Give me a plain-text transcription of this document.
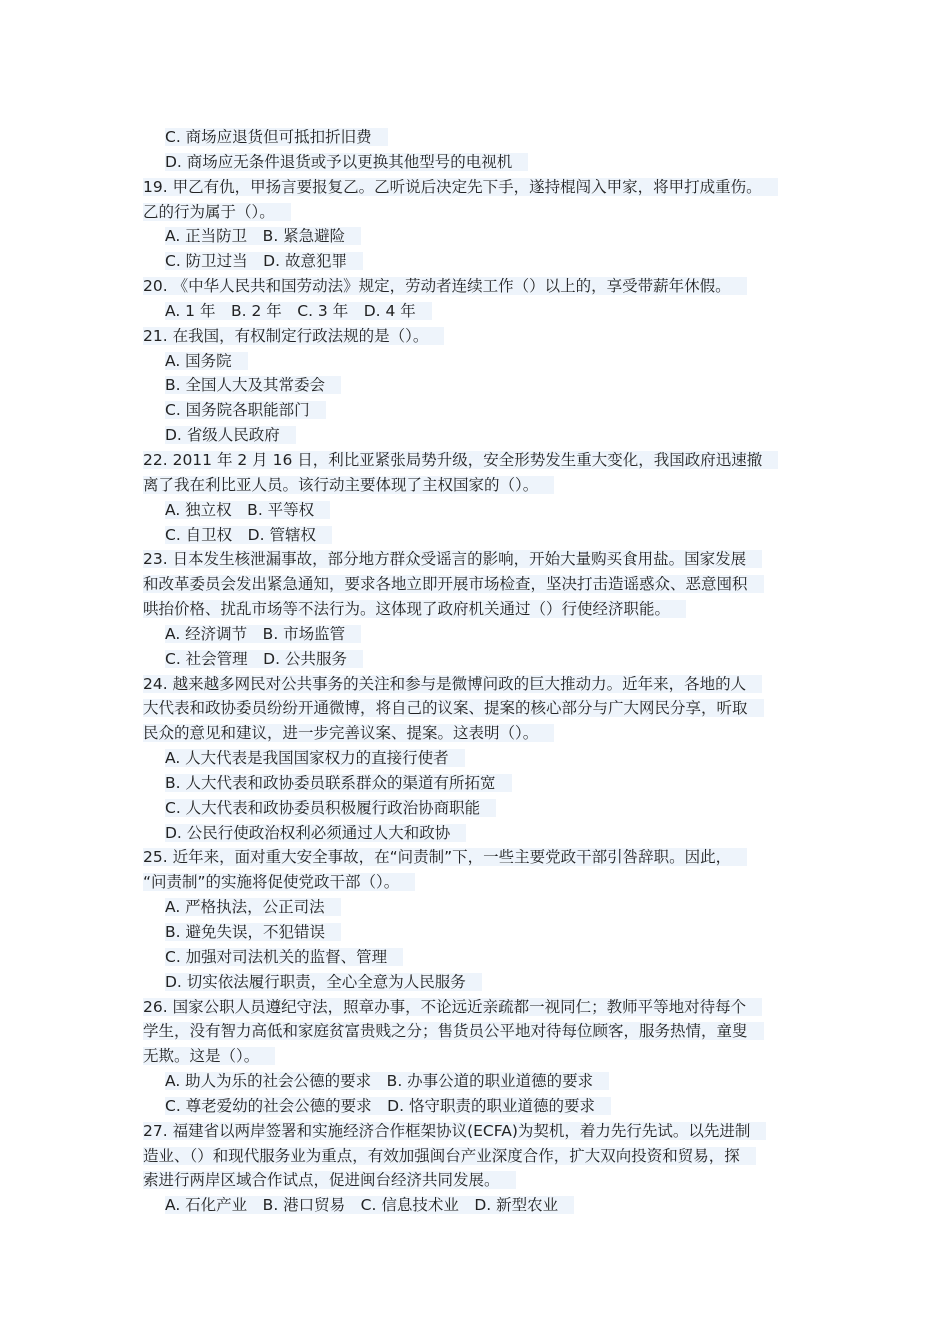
C. 商场应退货但可抵扣折旧费
D. 商场应无条件退货或予以更换其他型号的电视机
19. 甲乙有仇，甲扬言要报复乙。乙听说后决定先下手，遂持棍闯入甲家，将甲打成重伤。
乙的行为属于（）。
A. 正当防卫　B. 紧急避险
C. 防卫过当　D. 故意犯罪
20. 《中华人民共和国劳动法》规定，劳动者连续工作（）以上的，享受带薪年休假。
A. 1 年　B. 2 年　C. 3 年　D. 4 年
21. 在我国，有权制定行政法规的是（）。
A. 国务院
B. 全国人大及其常委会
C. 国务院各职能部门
D. 省级人民政府
22. 2011 年 2 月 16 日，利比亚紧张局势升级，安全形势发生重大变化，我国政府迅速撤
离了我在利比亚人员。该行动主要体现了主权国家的（）。
A. 独立权　B. 平等权
C. 自卫权　D. 管辖权
23. 日本发生核泄漏事故，部分地方群众受谣言的影响，开始大量购买食用盐。国家发展
和改革委员会发出紧急通知，要求各地立即开展市场检查，坚决打击造谣惑众、恶意囤积
哄抬价格、扰乱市场等不法行为。这体现了政府机关通过（）行使经济职能。
A. 经济调节　B. 市场监管
C. 社会管理　D. 公共服务
24. 越来越多网民对公共事务的关注和参与是微博问政的巨大推动力。近年来，各地的人
大代表和政协委员纷纷开通微博，将自己的议案、提案的核心部分与广大网民分享，听取
民众的意见和建议，进一步完善议案、提案。这表明（）。
A. 人大代表是我国国家权力的直接行使者
B. 人大代表和政协委员联系群众的渠道有所拓宽
C. 人大代表和政协委员积极履行政治协商职能
D. 公民行使政治权利必须通过人大和政协
25. 近年来，面对重大安全事故，在“问责制”下，一些主要党政干部引咎辞职。因此，
“问责制”的实施将促使党政干部（）。
A. 严格执法，公正司法
B. 避免失误，不犯错误
C. 加强对司法机关的监督、管理
D. 切实依法履行职责，全心全意为人民服务
26. 国家公职人员遵纪守法，照章办事，不论远近亲疏都一视同仁；教师平等地对待每个
学生，没有智力高低和家庭贫富贵贱之分；售货员公平地对待每位顾客，服务热情，童叟
无欺。这是（）。
A. 助人为乐的社会公德的要求　B. 办事公道的职业道德的要求
C. 尊老爱幼的社会公德的要求　D. 恪守职责的职业道德的要求
27. 福建省以两岸签署和实施经济合作框架协议(ECFA)为契机，着力先行先试。以先进制
造业、（）和现代服务业为重点，有效加强闽台产业深度合作，扩大双向投资和贸易，探
索进行两岸区域合作试点，促进闽台经济共同发展。
A. 石化产业　B. 港口贸易　C. 信息技术业　D. 新型农业
